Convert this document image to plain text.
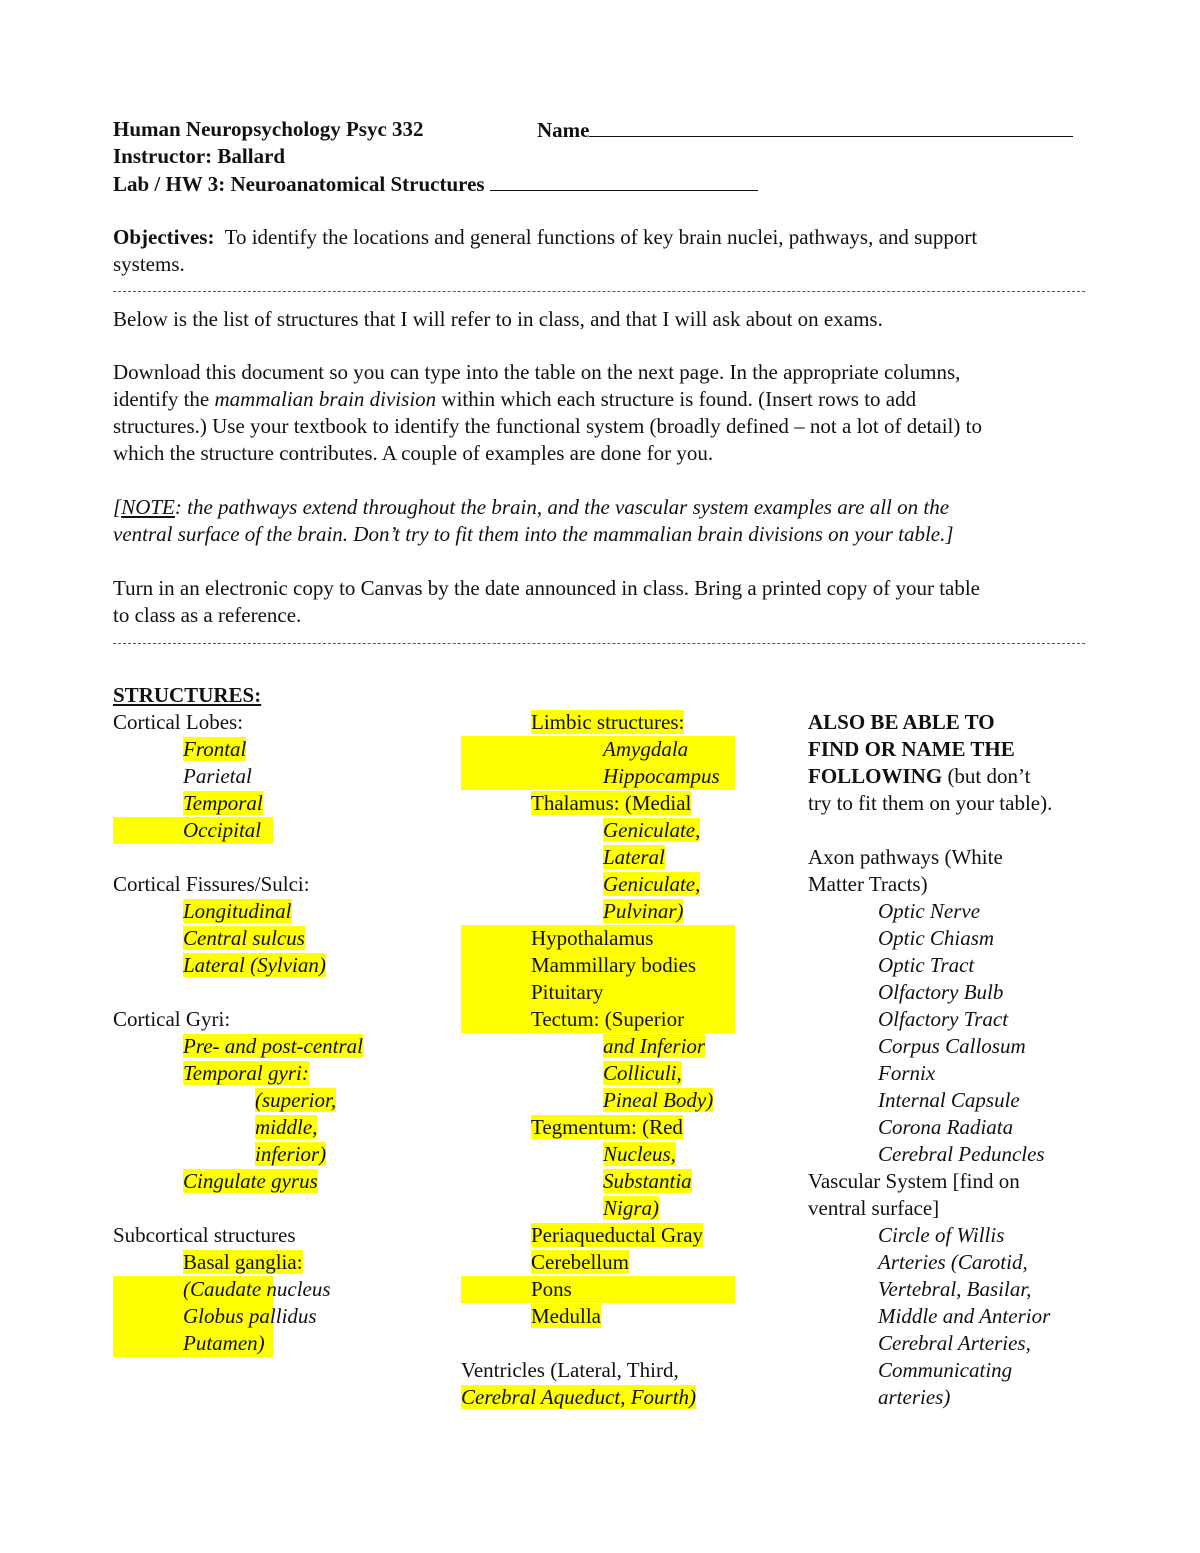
Human Neuropsychology Psyc 332	Name
Instructor: Ballard
Lab / HW 3: Neuroanatomical Structures
Objectives: To identify the locations and general functions of key brain nuclei, pathways, and support
systems.
Below is the list of structures that I will refer to in class, and that I will ask about on exams.
Download this document so you can type into the table on the next page. In the appropriate columns,
identify the mammalian brain division within which each structure is found. (Insert rows to add
structures.) Use your textbook to identify the functional system (broadly defined – not a lot of detail) to
which the structure contributes. A couple of examples are done for you.
[NOTE: the pathways extend throughout the brain, and the vascular system examples are all on the
ventral surface of the brain. Don’t try to fit them into the mammalian brain divisions on your table.]
Turn in an electronic copy to Canvas by the date announced in class. Bring a printed copy of your table
to class as a reference.
STRUCTURES:
Cortical Lobes:
Frontal
Parietal
Temporal
Occipital
Cortical Fissures/Sulci:
Longitudinal
Central sulcus
Lateral (Sylvian)
Cortical Gyri:
Pre- and post-central
Temporal gyri:
(superior,
middle,
inferior)
Cingulate gyrus
Subcortical structures
Basal ganglia:
(Caudate nucleus
Globus pallidus
Putamen)
Limbic structures:
Amygdala
Hippocampus
Thalamus: (Medial
Geniculate,
Lateral
Geniculate,
Pulvinar)
Hypothalamus
Mammillary bodies
Pituitary
Tectum: (Superior
and Inferior
Colliculi,
Pineal Body)
Tegmentum: (Red
Nucleus,
Substantia
Nigra)
Periaqueductal Gray
Cerebellum
Pons
Medulla
Ventricles (Lateral, Third,
Cerebral Aqueduct, Fourth)
ALSO BE ABLE TO
FIND OR NAME THE
FOLLOWING (but don’t
try to fit them on your table).
Axon pathways (White
Matter Tracts)
Optic Nerve
Optic Chiasm
Optic Tract
Olfactory Bulb
Olfactory Tract
Corpus Callosum
Fornix
Internal Capsule
Corona Radiata
Cerebral Peduncles
Vascular System [find on
ventral surface]
Circle of Willis
Arteries (Carotid,
Vertebral, Basilar,
Middle and Anterior
Cerebral Arteries,
Communicating
arteries)
